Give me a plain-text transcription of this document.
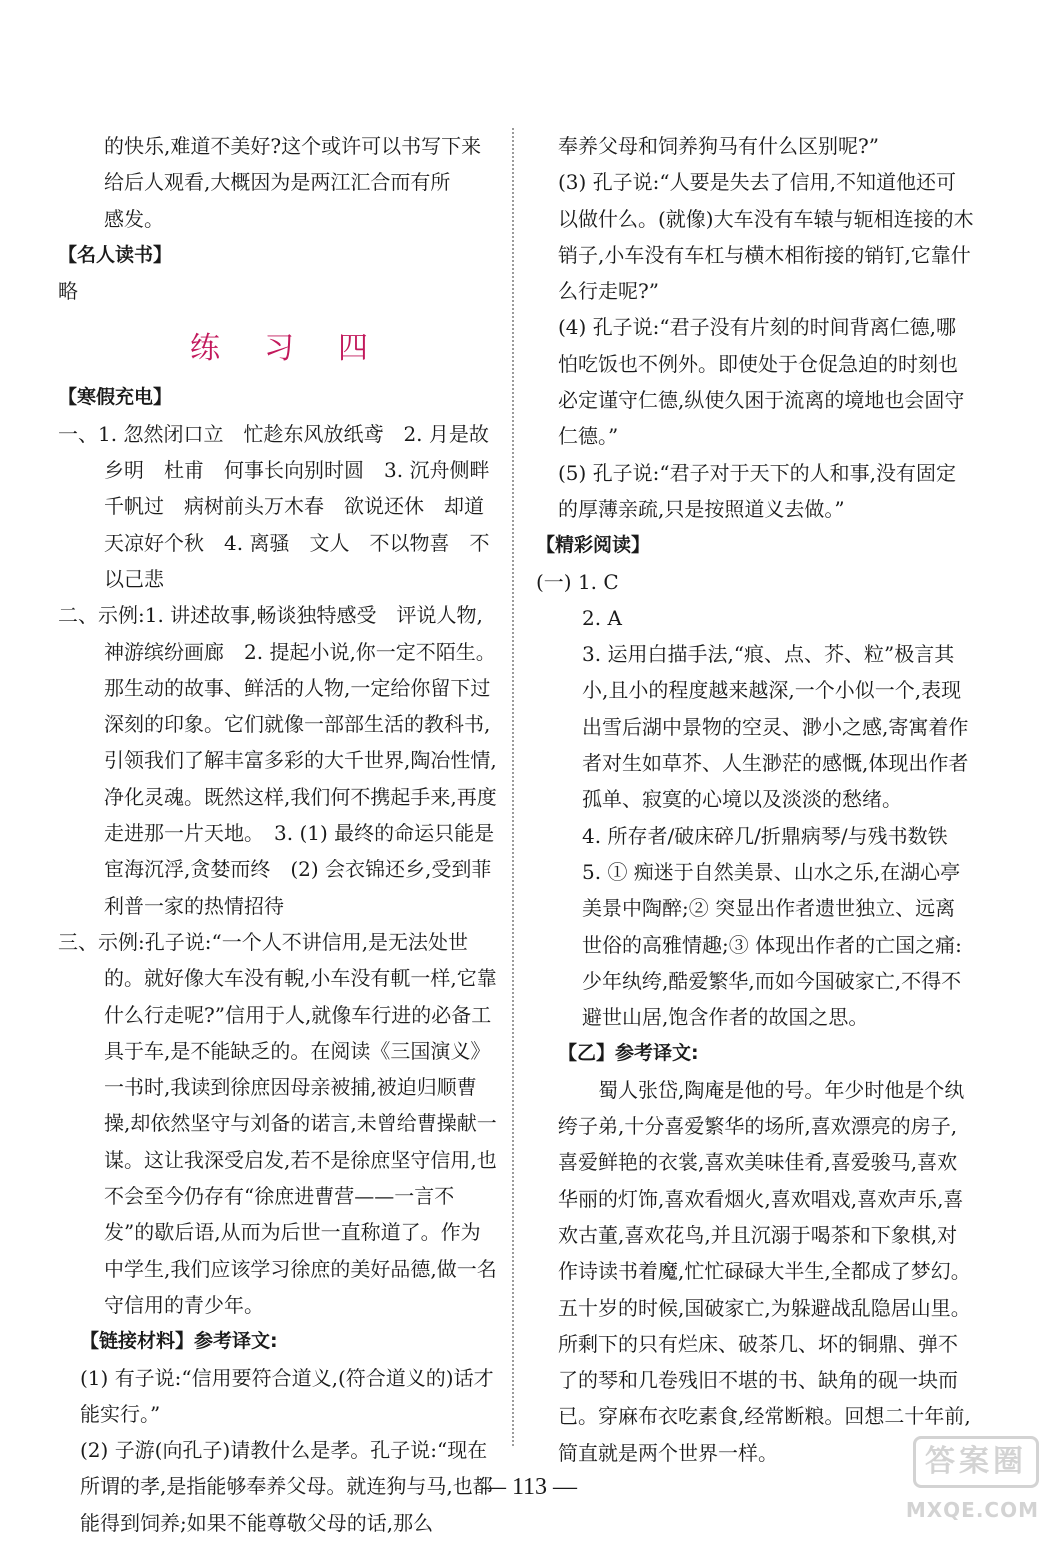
的快乐,难道不美好?这个或许可以书写下来

给后人观看,大概因为是两江汇合而有所

感发。

【名人读书】

略

练习四

【寒假充电】

一、1. 忽然闭口立　忙趁东风放纸鸢　2. 月是故乡明　杜甫　何事长向别时圆　3. 沉舟侧畔千帆过　病树前头万木春　欲说还休　却道天凉好个秋　4. 离骚　文人　不以物喜　不以己悲

二、示例:1. 讲述故事,畅谈独特感受　评说人物,神游缤纷画廊　2. 提起小说,你一定不陌生。那生动的故事、鲜活的人物,一定给你留下过深刻的印象。它们就像一部部生活的教科书,引领我们了解丰富多彩的大千世界,陶冶性情,净化灵魂。既然这样,我们何不携起手来,再度走进那一片天地。　3. (1) 最终的命运只能是宦海沉浮,贪婪而终　(2) 会衣锦还乡,受到菲利普一家的热情招待

三、示例:孔子说:“一个人不讲信用,是无法处世的。就好像大车没有輗,小车没有軏一样,它靠什么行走呢?”信用于人,就像车行进的必备工具于车,是不能缺乏的。在阅读《三国演义》一书时,我读到徐庶因母亲被捕,被迫归顺曹操,却依然坚守与刘备的诺言,未曾给曹操献一谋。这让我深受启发,若不是徐庶坚守信用,也不会至今仍存有“徐庶进曹营——一言不发”的歇后语,从而为后世一直称道了。作为中学生,我们应该学习徐庶的美好品德,做一名守信用的青少年。

【链接材料】参考译文:

(1) 有子说:“信用要符合道义,(符合道义的)话才能实行。”

(2) 子游(向孔子)请教什么是孝。孔子说:“现在所谓的孝,是指能够奉养父母。就连狗与马,也都能得到饲养;如果不能尊敬父母的话,那么

奉养父母和饲养狗马有什么区别呢?”

(3) 孔子说:“人要是失去了信用,不知道他还可以做什么。(就像)大车没有车辕与轭相连接的木销子,小车没有车杠与横木相衔接的销钉,它靠什么行走呢?”

(4) 孔子说:“君子没有片刻的时间背离仁德,哪怕吃饭也不例外。即使处于仓促急迫的时刻也必定谨守仁德,纵使久困于流离的境地也会固守仁德。”

(5) 孔子说:“君子对于天下的人和事,没有固定的厚薄亲疏,只是按照道义去做。”

【精彩阅读】

(一) 1. C

2. A

3. 运用白描手法,“痕、点、芥、粒”极言其小,且小的程度越来越深,一个小似一个,表现出雪后湖中景物的空灵、渺小之感,寄寓着作者对生如草芥、人生渺茫的感慨,体现出作者孤单、寂寞的心境以及淡淡的愁绪。

4. 所存者/破床碎几/折鼎病琴/与残书数铁

5. ① 痴迷于自然美景、山水之乐,在湖心亭美景中陶醉;② 突显出作者遗世独立、远离世俗的高雅情趣;③ 体现出作者的亡国之痛:少年纨绔,酷爱繁华,而如今国破家亡,不得不避世山居,饱含作者的故国之思。

【乙】参考译文:

蜀人张岱,陶庵是他的号。年少时他是个纨绔子弟,十分喜爱繁华的场所,喜欢漂亮的房子,喜爱鲜艳的衣裳,喜欢美味佳肴,喜爱骏马,喜欢华丽的灯饰,喜欢看烟火,喜欢唱戏,喜欢声乐,喜欢古董,喜欢花鸟,并且沉溺于喝茶和下象棋,对作诗读书着魔,忙忙碌碌大半生,全都成了梦幻。五十岁的时候,国破家亡,为躲避战乱隐居山里。所剩下的只有烂床、破茶几、坏的铜鼎、弹不了的琴和几卷残旧不堪的书、缺角的砚一块而已。穿麻布衣吃素食,经常断粮。回想二十年前,简直就是两个世界一样。

— 113 —
答案圈
MXQE.COM
